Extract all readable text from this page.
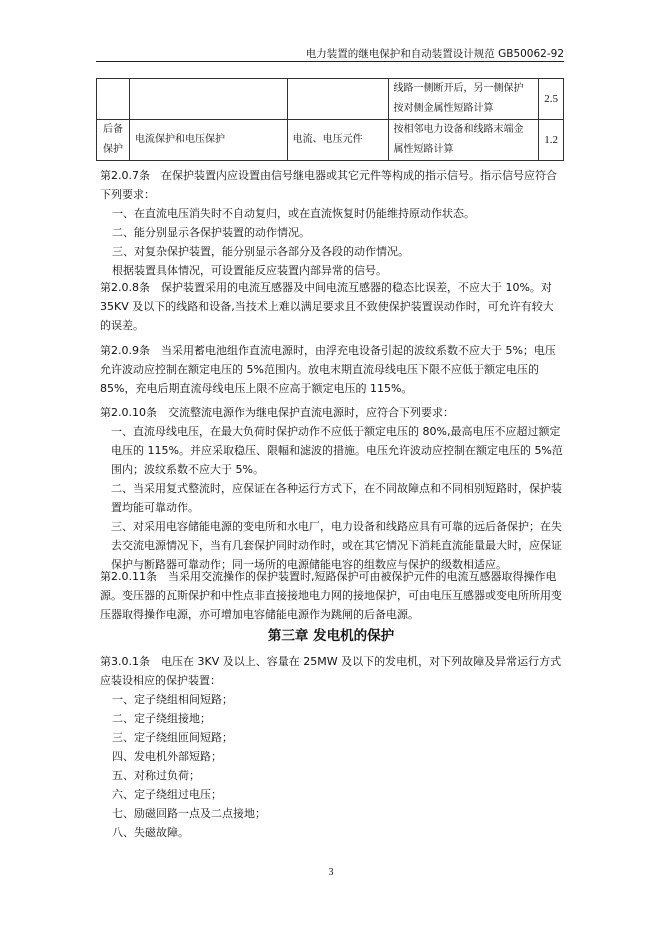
电力装置的继电保护和自动装置设计规范 GB50062-92
			线路一侧断开后，另一侧保护按对侧金属性短路计算	2.5
后备保护	电流保护和电压保护	电流、电压元件	按相邻电力设备和线路末端金属性短路计算	1.2

第2.0.7条　在保护装置内应设置由信号继电器或其它元件等构成的指示信号。指示信号应符合下列要求：

一、在直流电压消失时不自动复归，或在直流恢复时仍能维持原动作状态。

二、能分别显示各保护装置的动作情况。

三、对复杂保护装置，能分别显示各部分及各段的动作情况。

根据装置具体情况，可设置能反应装置内部异常的信号。

第2.0.8条　保护装置采用的电流互感器及中间电流互感器的稳态比误差，不应大于 10%。对 35KV 及以下的线路和设备,当技术上难以满足要求且不致使保护装置误动作时，可允许有较大的误差。

第2.0.9条　当采用蓄电池组作直流电源时，由浮充电设备引起的波纹系数不应大于 5%；电压允许波动应控制在额定电压的 5%范围内。放电末期直流母线电压下限不应低于额定电压的 85%，充电后期直流母线电压上限不应高于额定电压的 115%。

第2.0.10条　交流整流电源作为继电保护直流电源时，应符合下列要求：

一、直流母线电压，在最大负荷时保护动作不应低于额定电压的 80%,最高电压不应超过额定电压的 115%。并应采取稳压、限幅和滤波的措施。电压允许波动应控制在额定电压的 5%范围内；波纹系数不应大于 5%。

二、当采用复式整流时，应保证在各种运行方式下，在不同故障点和不同相别短路时，保护装置均能可靠动作。

三、对采用电容储能电源的变电所和水电厂，电力设备和线路应具有可靠的远后备保护；在失去交流电源情况下，当有几套保护同时动作时，或在其它情况下消耗直流能量最大时，应保证保护与断路器可靠动作；同一场所的电源储能电容的组数应与保护的级数相适应。

第2.0.11条　当采用交流操作的保护装置时,短路保护可由被保护元件的电流互感器取得操作电源。变压器的瓦斯保护和中性点非直接接地电力网的接地保护，可由电压互感器或变电所所用变压器取得操作电源，亦可增加电容储能电源作为跳闸的后备电源。

第三章 发电机的保护

第3.0.1条　电压在 3KV 及以上、容量在 25MW 及以下的发电机，对下列故障及异常运行方式应装设相应的保护装置：

一、定子绕组相间短路；

二、定子绕组接地；

三、定子绕组匝间短路；

四、发电机外部短路；

五、对称过负荷；

六、定子绕组过电压；

七、励磁回路一点及二点接地；

八、失磁故障。

3
